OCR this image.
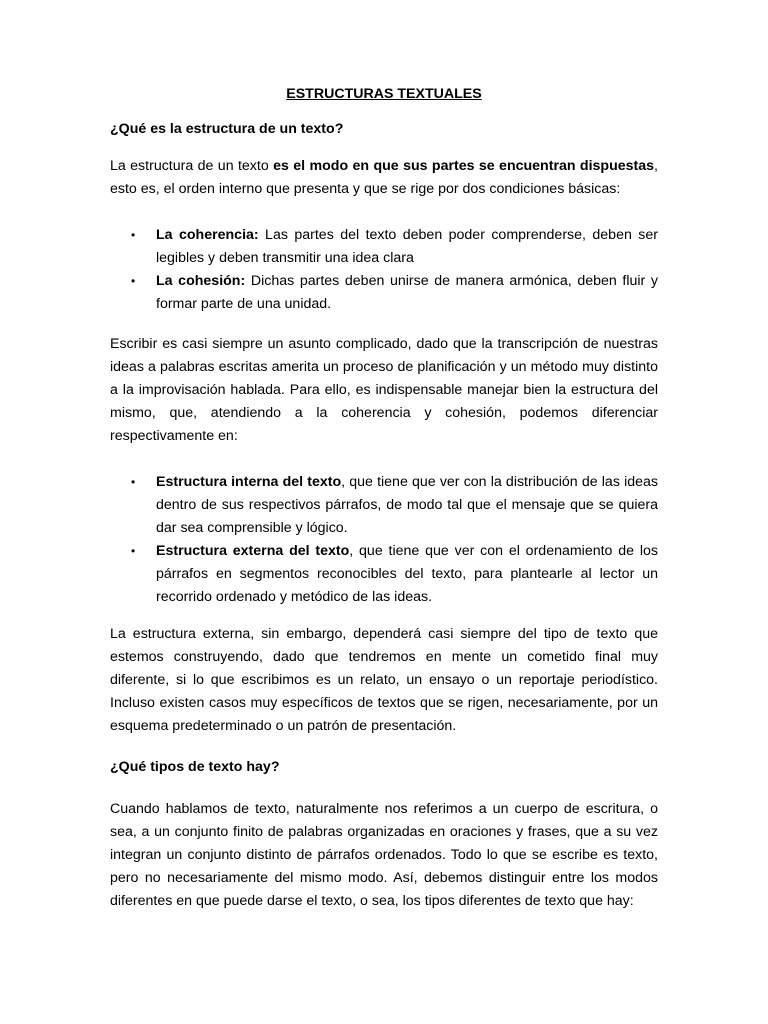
ESTRUCTURAS TEXTUALES

¿Qué es la estructura de un texto?

La estructura de un texto es el modo en que sus partes se encuentran dispuestas, esto es, el orden interno que presenta y que se rige por dos condiciones básicas:

• La coherencia: Las partes del texto deben poder comprenderse, deben ser legibles y deben transmitir una idea clara
• La cohesión: Dichas partes deben unirse de manera armónica, deben fluir y formar parte de una unidad.

Escribir es casi siempre un asunto complicado, dado que la transcripción de nuestras ideas a palabras escritas amerita un proceso de planificación y un método muy distinto a la improvisación hablada. Para ello, es indispensable manejar bien la estructura del mismo, que, atendiendo a la coherencia y cohesión, podemos diferenciar respectivamente en:

• Estructura interna del texto, que tiene que ver con la distribución de las ideas dentro de sus respectivos párrafos, de modo tal que el mensaje que se quiera dar sea comprensible y lógico.
• Estructura externa del texto, que tiene que ver con el ordenamiento de los párrafos en segmentos reconocibles del texto, para plantearle al lector un recorrido ordenado y metódico de las ideas.

La estructura externa, sin embargo, dependerá casi siempre del tipo de texto que estemos construyendo, dado que tendremos en mente un cometido final muy diferente, si lo que escribimos es un relato, un ensayo o un reportaje periodístico. Incluso existen casos muy específicos de textos que se rigen, necesariamente, por un esquema predeterminado o un patrón de presentación.

¿Qué tipos de texto hay?

Cuando hablamos de texto, naturalmente nos referimos a un cuerpo de escritura, o sea, a un conjunto finito de palabras organizadas en oraciones y frases, que a su vez integran un conjunto distinto de párrafos ordenados. Todo lo que se escribe es texto, pero no necesariamente del mismo modo. Así, debemos distinguir entre los modos diferentes en que puede darse el texto, o sea, los tipos diferentes de texto que hay:
